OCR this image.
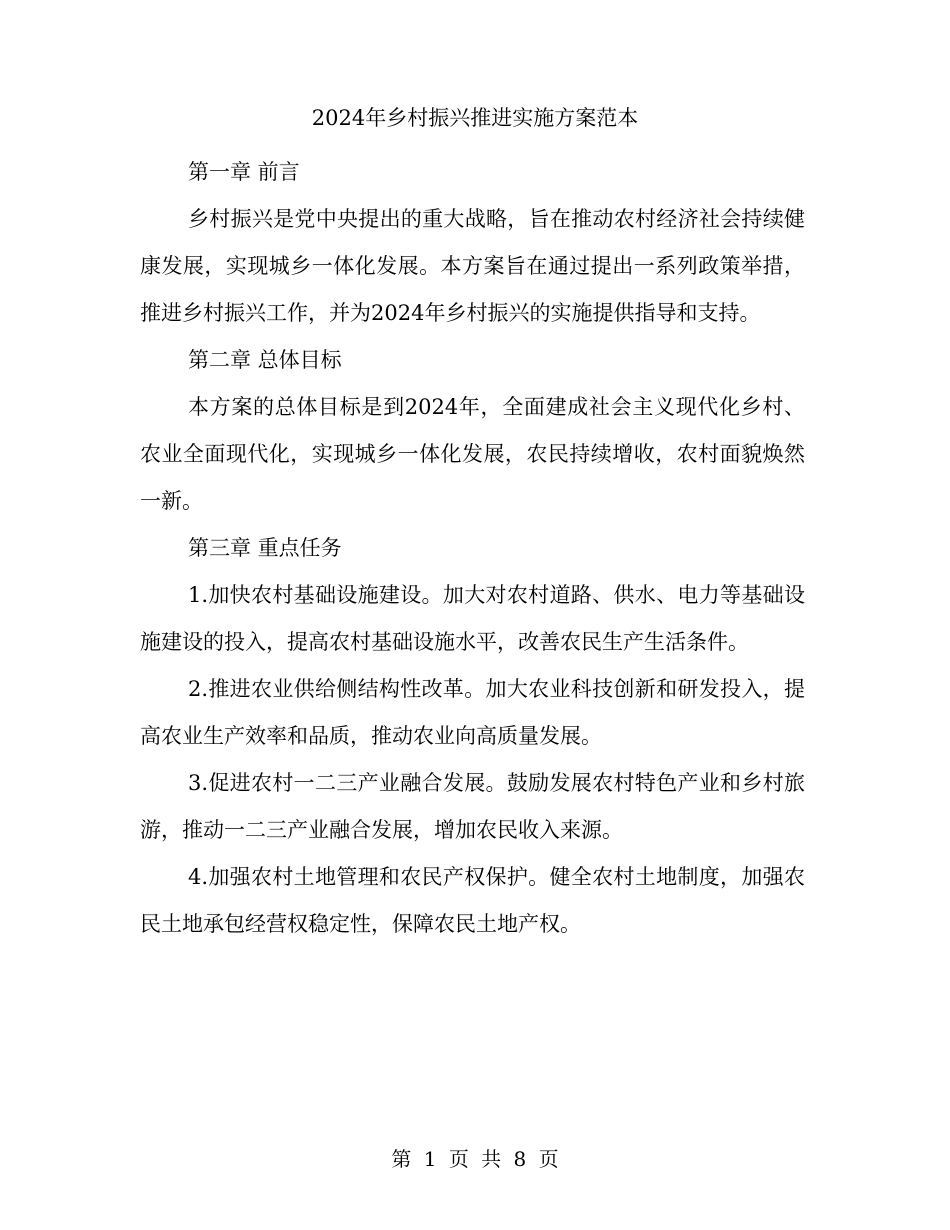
2024年乡村振兴推进实施方案范本

第一章 前言

乡村振兴是党中央提出的重大战略，旨在推动农村经济社会持续健康发展，实现城乡一体化发展。本方案旨在通过提出一系列政策举措，推进乡村振兴工作，并为2024年乡村振兴的实施提供指导和支持。

第二章 总体目标

本方案的总体目标是到2024年，全面建成社会主义现代化乡村、农业全面现代化，实现城乡一体化发展，农民持续增收，农村面貌焕然一新。

第三章 重点任务

1.加快农村基础设施建设。加大对农村道路、供水、电力等基础设施建设的投入，提高农村基础设施水平，改善农民生产生活条件。

2.推进农业供给侧结构性改革。加大农业科技创新和研发投入，提高农业生产效率和品质，推动农业向高质量发展。

3.促进农村一二三产业融合发展。鼓励发展农村特色产业和乡村旅游，推动一二三产业融合发展，增加农民收入来源。

4.加强农村土地管理和农民产权保护。健全农村土地制度，加强农民土地承包经营权稳定性，保障农民土地产权。

第 1 页 共 8 页
